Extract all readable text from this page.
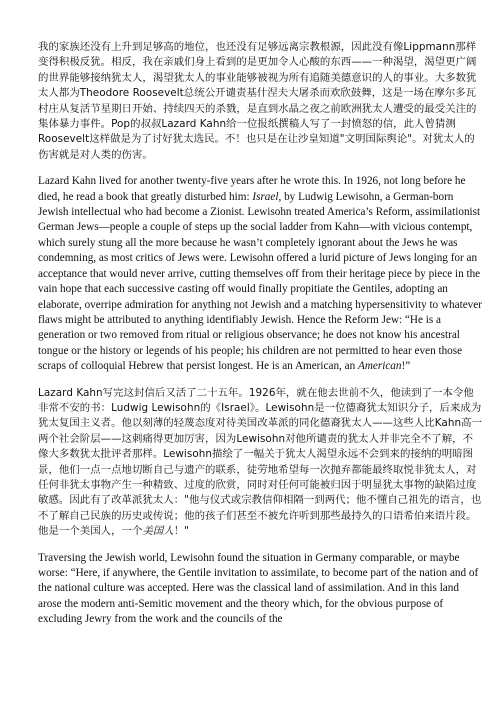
我的家族还没有上升到足够高的地位，也还没有足够远离宗教根源，因此没有像Lippmann那样变得积极反犹。相反，我在亲戚们身上看到的是更加令人心酸的东西——一种渴望，渴望更广阔的世界能够接纳犹太人，渴望犹太人的事业能够被视为所有追随美德意识的人的事业。大多数犹太人都为Theodore Roosevelt总统公开谴责基什涅夫大屠杀而欢欣鼓舞，这是一场在摩尔多瓦村庄从复活节星期日开始、持续四天的杀戮，是直到水晶之夜之前欧洲犹太人遭受的最受关注的集体暴力事件。Pop的叔叔Lazard Kahn给一位报纸撰稿人写了一封愤怒的信，此人曾猜测Roosevelt这样做是为了讨好犹太选民。不！也只是在让沙皇知道"文明国际舆论"。对犹太人的伤害就是对人类的伤害。

Lazard Kahn lived for another twenty-five years after he wrote this. In 1926, not long before he died, he read a book that greatly disturbed him: Israel, by Ludwig Lewisohn, a German-born Jewish intellectual who had become a Zionist. Lewisohn treated America’s Reform, assimilationist German Jews—people a couple of steps up the social ladder from Kahn—with vicious contempt, which surely stung all the more because he wasn’t completely ignorant about the Jews he was condemning, as most critics of Jews were. Lewisohn offered a lurid picture of Jews longing for an acceptance that would never arrive, cutting themselves off from their heritage piece by piece in the vain hope that each successive casting off would finally propitiate the Gentiles, adopting an elaborate, overripe admiration for anything not Jewish and a matching hypersensitivity to whatever flaws might be attributed to anything identifiably Jewish. Hence the Reform Jew: “He is a generation or two removed from ritual or religious observance; he does not know his ancestral tongue or the history or legends of his people; his children are not permitted to hear even those scraps of colloquial Hebrew that persist longest. He is an American, an American!”

Lazard Kahn写完这封信后又活了二十五年。1926年，就在他去世前不久，他读到了一本令他非常不安的书：Ludwig Lewisohn的《Israel》。Lewisohn是一位德裔犹太知识分子，后来成为犹太复国主义者。他以刻薄的轻蔑态度对待美国改革派的同化德裔犹太人——这些人比Kahn高一两个社会阶层——这刺痛得更加厉害，因为Lewisohn对他所谴责的犹太人并非完全不了解，不像大多数犹太批评者那样。Lewisohn描绘了一幅关于犹太人渴望永远不会到来的接纳的明暗图景，他们一点一点地切断自己与遗产的联系，徒劳地希望每一次抛弃都能最终取悦非犹太人，对任何非犹太事物产生一种精致、过度的欣赏，同时对任何可能被归因于明显犹太事物的缺陷过度敏感。因此有了改革派犹太人："他与仪式或宗教信仰相隔一到两代；他不懂自己祖先的语言，也不了解自己民族的历史或传说；他的孩子们甚至不被允许听到那些最持久的口语希伯来语片段。他是一个美国人，一个美国人！"

Traversing the Jewish world, Lewisohn found the situation in Germany comparable, or maybe worse: “Here, if anywhere, the Gentile invitation to assimilate, to become part of the nation and of the national culture was accepted. Here was the classical land of assimilation. And in this land arose the modern anti-Semitic movement and the theory which, for the obvious purpose of excluding Jewry from the work and the councils of the
